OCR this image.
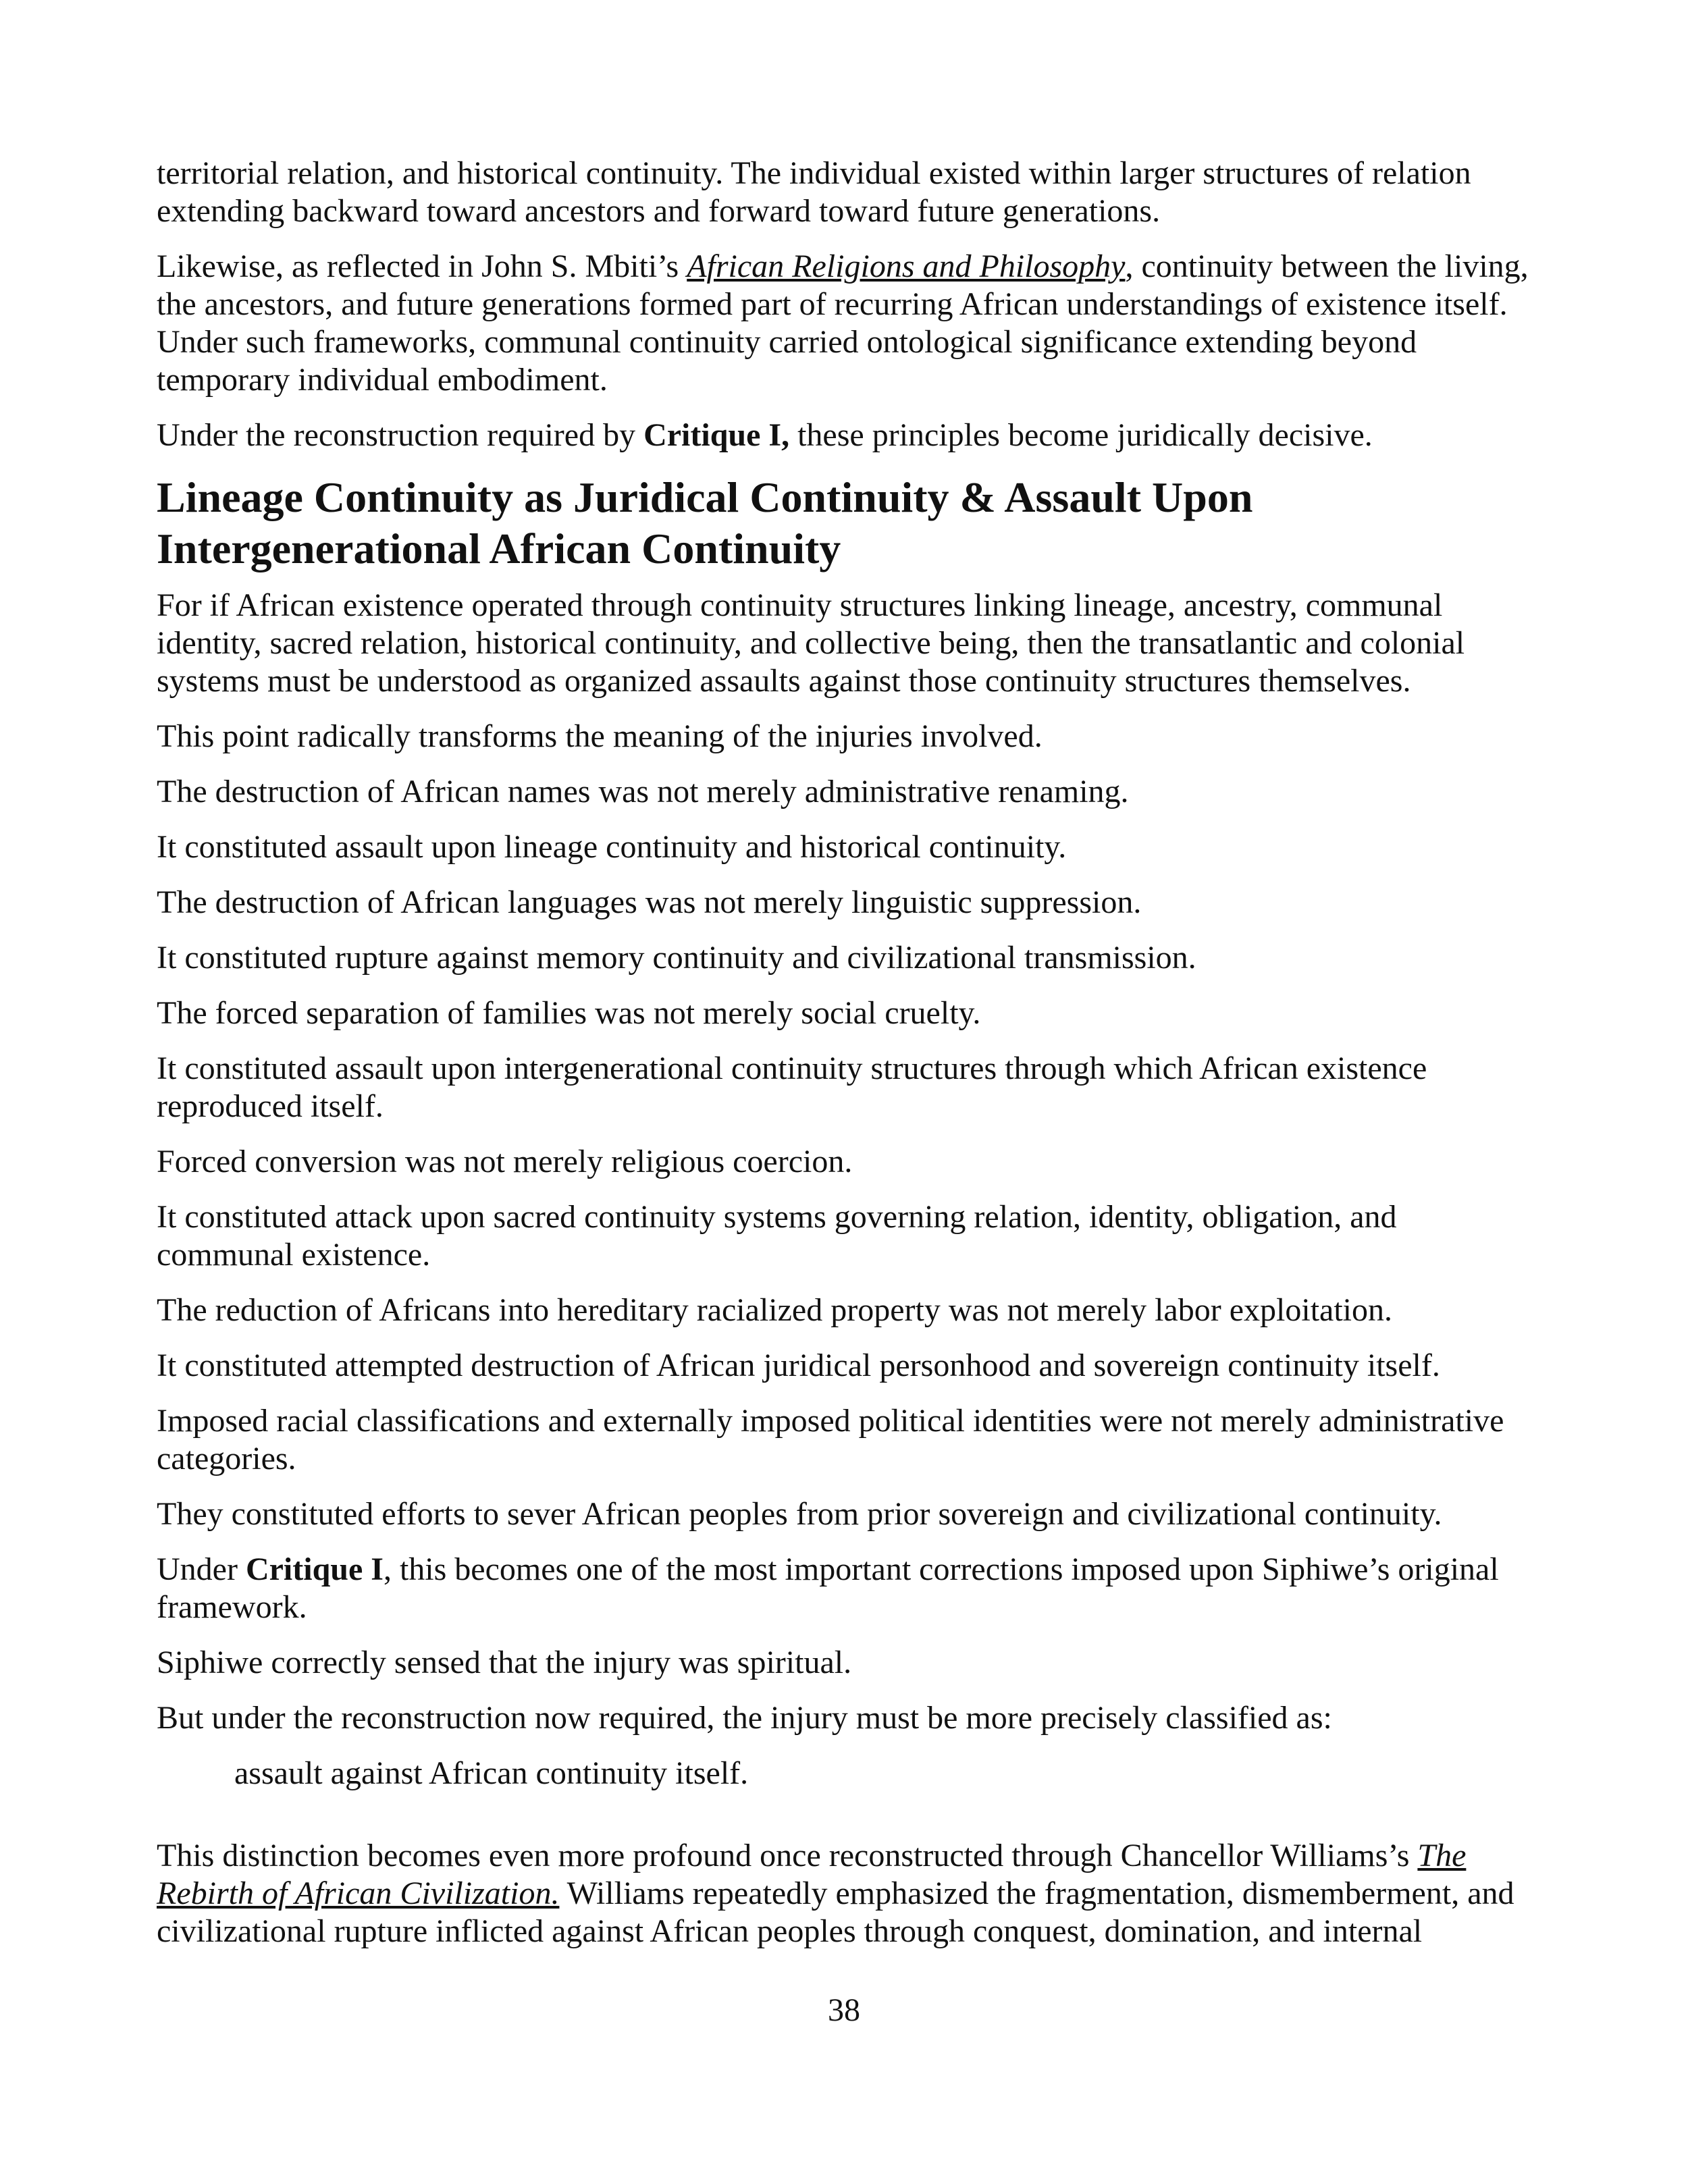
territorial relation, and historical continuity. The individual existed within larger structures of relation extending backward toward ancestors and forward toward future generations.

Likewise, as reflected in John S. Mbiti’s African Religions and Philosophy, continuity between the living, the ancestors, and future generations formed part of recurring African understandings of existence itself. Under such frameworks, communal continuity carried ontological significance extending beyond temporary individual embodiment.

Under the reconstruction required by Critique I, these principles become juridically decisive.

Lineage Continuity as Juridical Continuity & Assault Upon Intergenerational African Continuity

For if African existence operated through continuity structures linking lineage, ancestry, communal identity, sacred relation, historical continuity, and collective being, then the transatlantic and colonial systems must be understood as organized assaults against those continuity structures themselves.

This point radically transforms the meaning of the injuries involved.

The destruction of African names was not merely administrative renaming.

It constituted assault upon lineage continuity and historical continuity.

The destruction of African languages was not merely linguistic suppression.

It constituted rupture against memory continuity and civilizational transmission.

The forced separation of families was not merely social cruelty.

It constituted assault upon intergenerational continuity structures through which African existence reproduced itself.

Forced conversion was not merely religious coercion.

It constituted attack upon sacred continuity systems governing relation, identity, obligation, and communal existence.

The reduction of Africans into hereditary racialized property was not merely labor exploitation.

It constituted attempted destruction of African juridical personhood and sovereign continuity itself.

Imposed racial classifications and externally imposed political identities were not merely administrative categories.

They constituted efforts to sever African peoples from prior sovereign and civilizational continuity.

Under Critique I, this becomes one of the most important corrections imposed upon Siphiwe’s original framework.

Siphiwe correctly sensed that the injury was spiritual.

But under the reconstruction now required, the injury must be more precisely classified as:

assault against African continuity itself.

This distinction becomes even more profound once reconstructed through Chancellor Williams’s The Rebirth of African Civilization. Williams repeatedly emphasized the fragmentation, dismemberment, and civilizational rupture inflicted against African peoples through conquest, domination, and internal

38
